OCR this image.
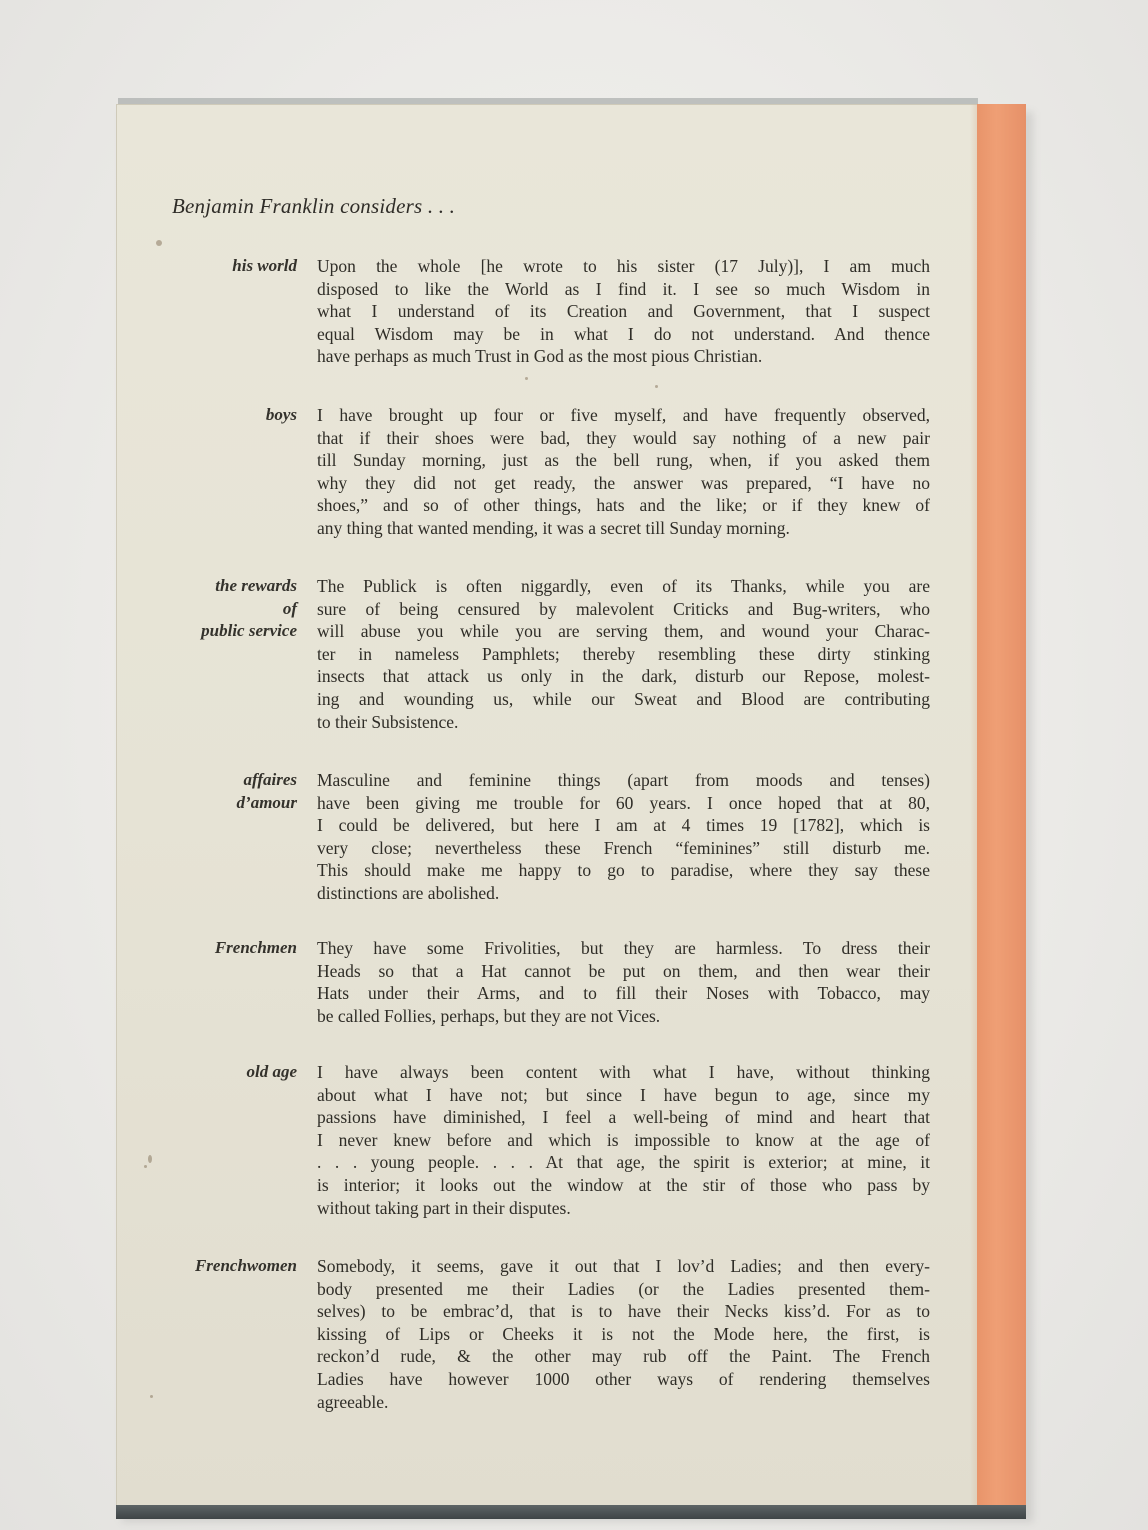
Benjamin Franklin considers . . .
his world Upon the whole [he wrote to his sister (17 July)], I am much
disposed to like the World as I find it. I see so much Wisdom in
what I understand of its Creation and Government, that I suspect
equal Wisdom may be in what I do not understand. And thence
have perhaps as much Trust in God as the most pious Christian.
boys I have brought up four or five myself, and have frequently observed,
that if their shoes were bad, they would say nothing of a new pair
till Sunday morning, just as the bell rung, when, if you asked them
why they did not get ready, the answer was prepared, “I have no
shoes,” and so of other things, hats and the like; or if they knew of
any thing that wanted mending, it was a secret till Sunday morning.
the rewards
of
public service
The Publick is often niggardly, even of its Thanks, while you are
sure of being censured by malevolent Criticks and Bug-writers, who
will abuse you while you are serving them, and wound your Charac-
ter in nameless Pamphlets; thereby resembling these dirty stinking
insects that attack us only in the dark, disturb our Repose, molest-
ing and wounding us, while our Sweat and Blood are contributing
to their Subsistence.
affaires
d’amour
Masculine and feminine things (apart from moods and tenses)
have been giving me trouble for 60 years. I once hoped that at 80,
I could be delivered, but here I am at 4 times 19 [1782], which is
very close; nevertheless these French “feminines” still disturb me.
This should make me happy to go to paradise, where they say these
distinctions are abolished.
Frenchmen They have some Frivolities, but they are harmless. To dress their
Heads so that a Hat cannot be put on them, and then wear their
Hats under their Arms, and to fill their Noses with Tobacco, may
be called Follies, perhaps, but they are not Vices.
old age I have always been content with what I have, without thinking
about what I have not; but since I have begun to age, since my
passions have diminished, I feel a well-being of mind and heart that
I never knew before and which is impossible to know at the age of
. . . young people. . . . At that age, the spirit is exterior; at mine, it
is interior; it looks out the window at the stir of those who pass by
without taking part in their disputes.
Frenchwomen Somebody, it seems, gave it out that I lov’d Ladies; and then every-
body presented me their Ladies (or the Ladies presented them-
selves) to be embrac’d, that is to have their Necks kiss’d. For as to
kissing of Lips or Cheeks it is not the Mode here, the first, is
reckon’d rude, & the other may rub off the Paint. The French
Ladies have however 1000 other ways of rendering themselves
agreeable.
